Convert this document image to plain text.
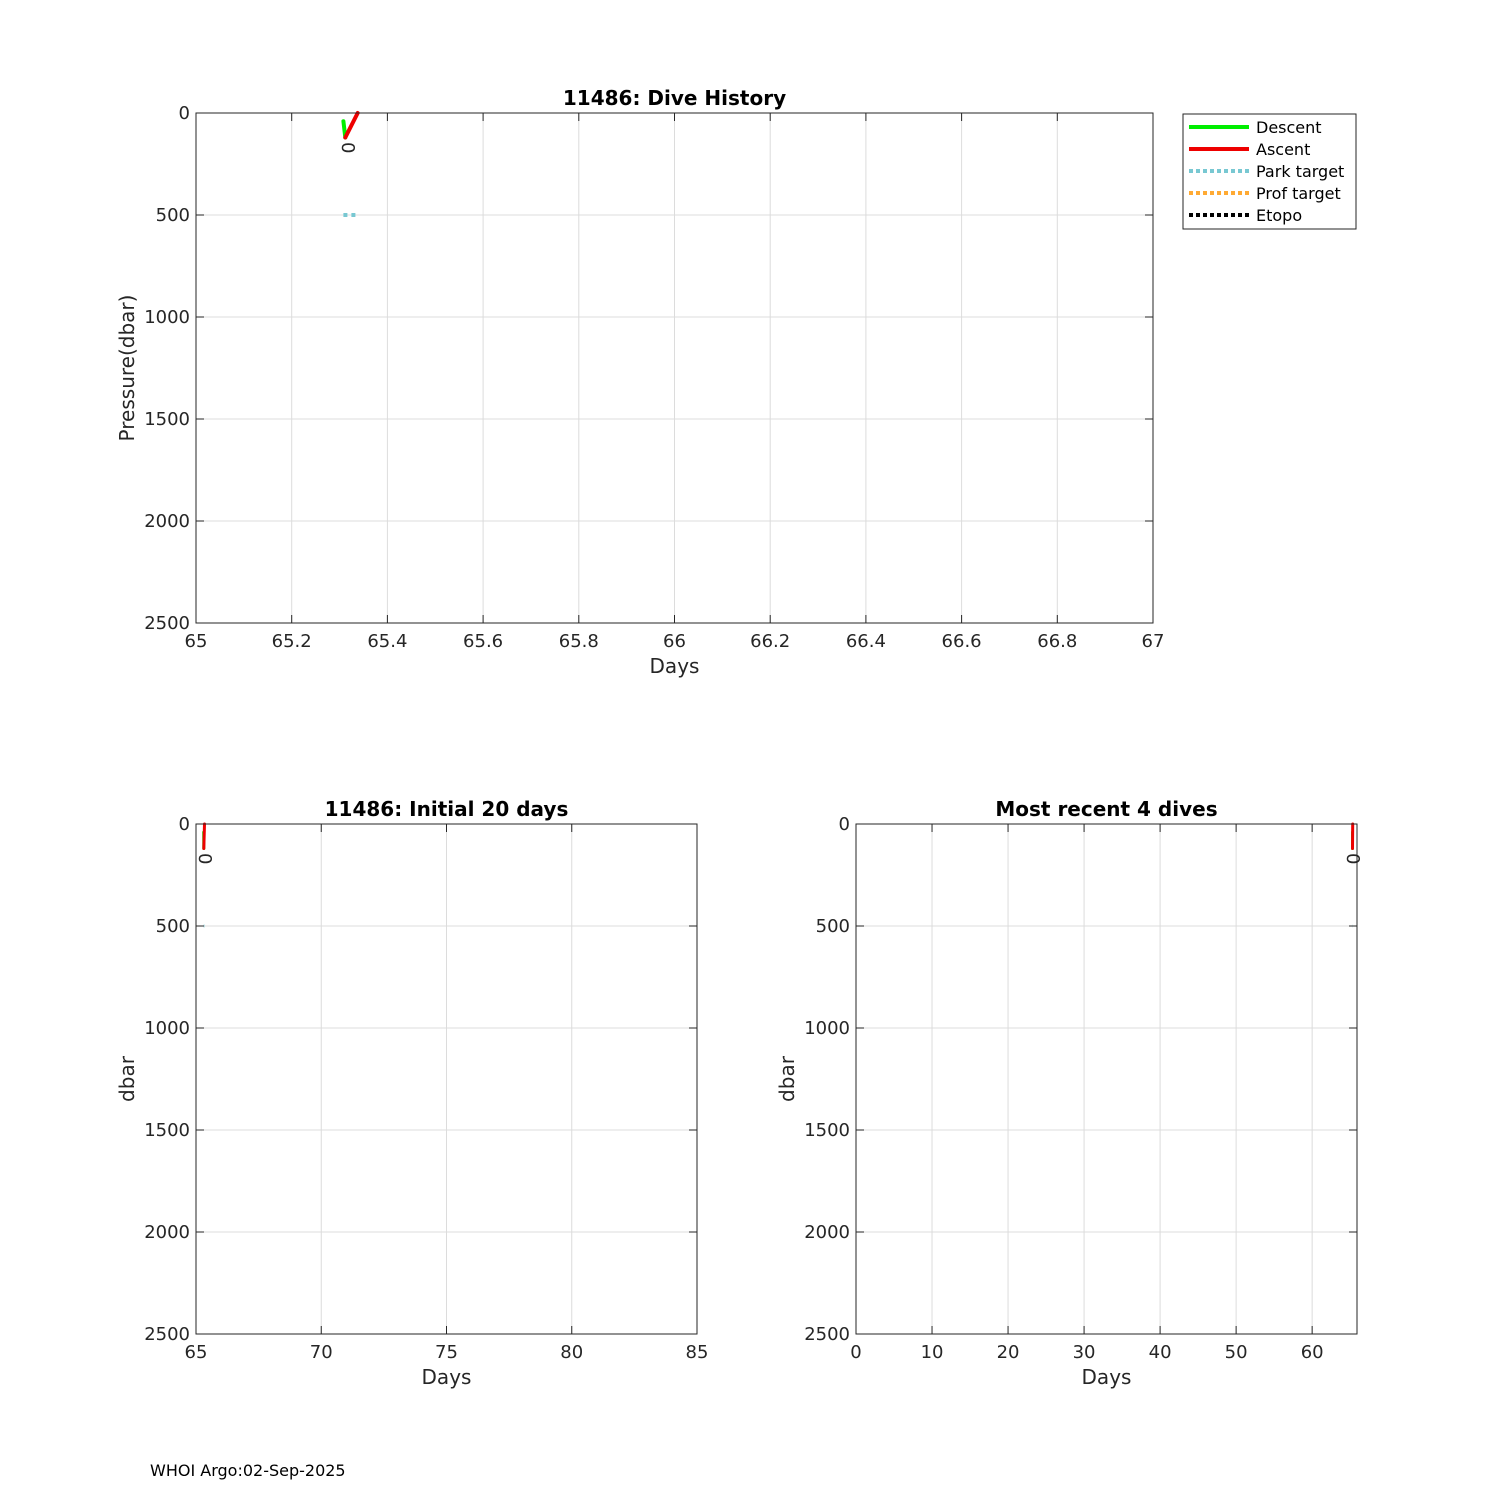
0
65	65.2	65.4	65.6	65.8	66	66.2	66.4	66.6	66.8	67
0
500
1000
1500
2000
2500
11486: Dive History
Days
Pressure(dbar)
0
65	70	75	80	85
0
500
1000
1500
2000
2500
11486: Initial 20 days
Days
dbar
0
0	10	20	30	40	50	60
0
500
1000
1500
2000
2500
Most recent 4 dives
Days
dbar
Descent
Ascent
Park target
Prof target
Etopo
WHOI Argo:02-Sep-2025
